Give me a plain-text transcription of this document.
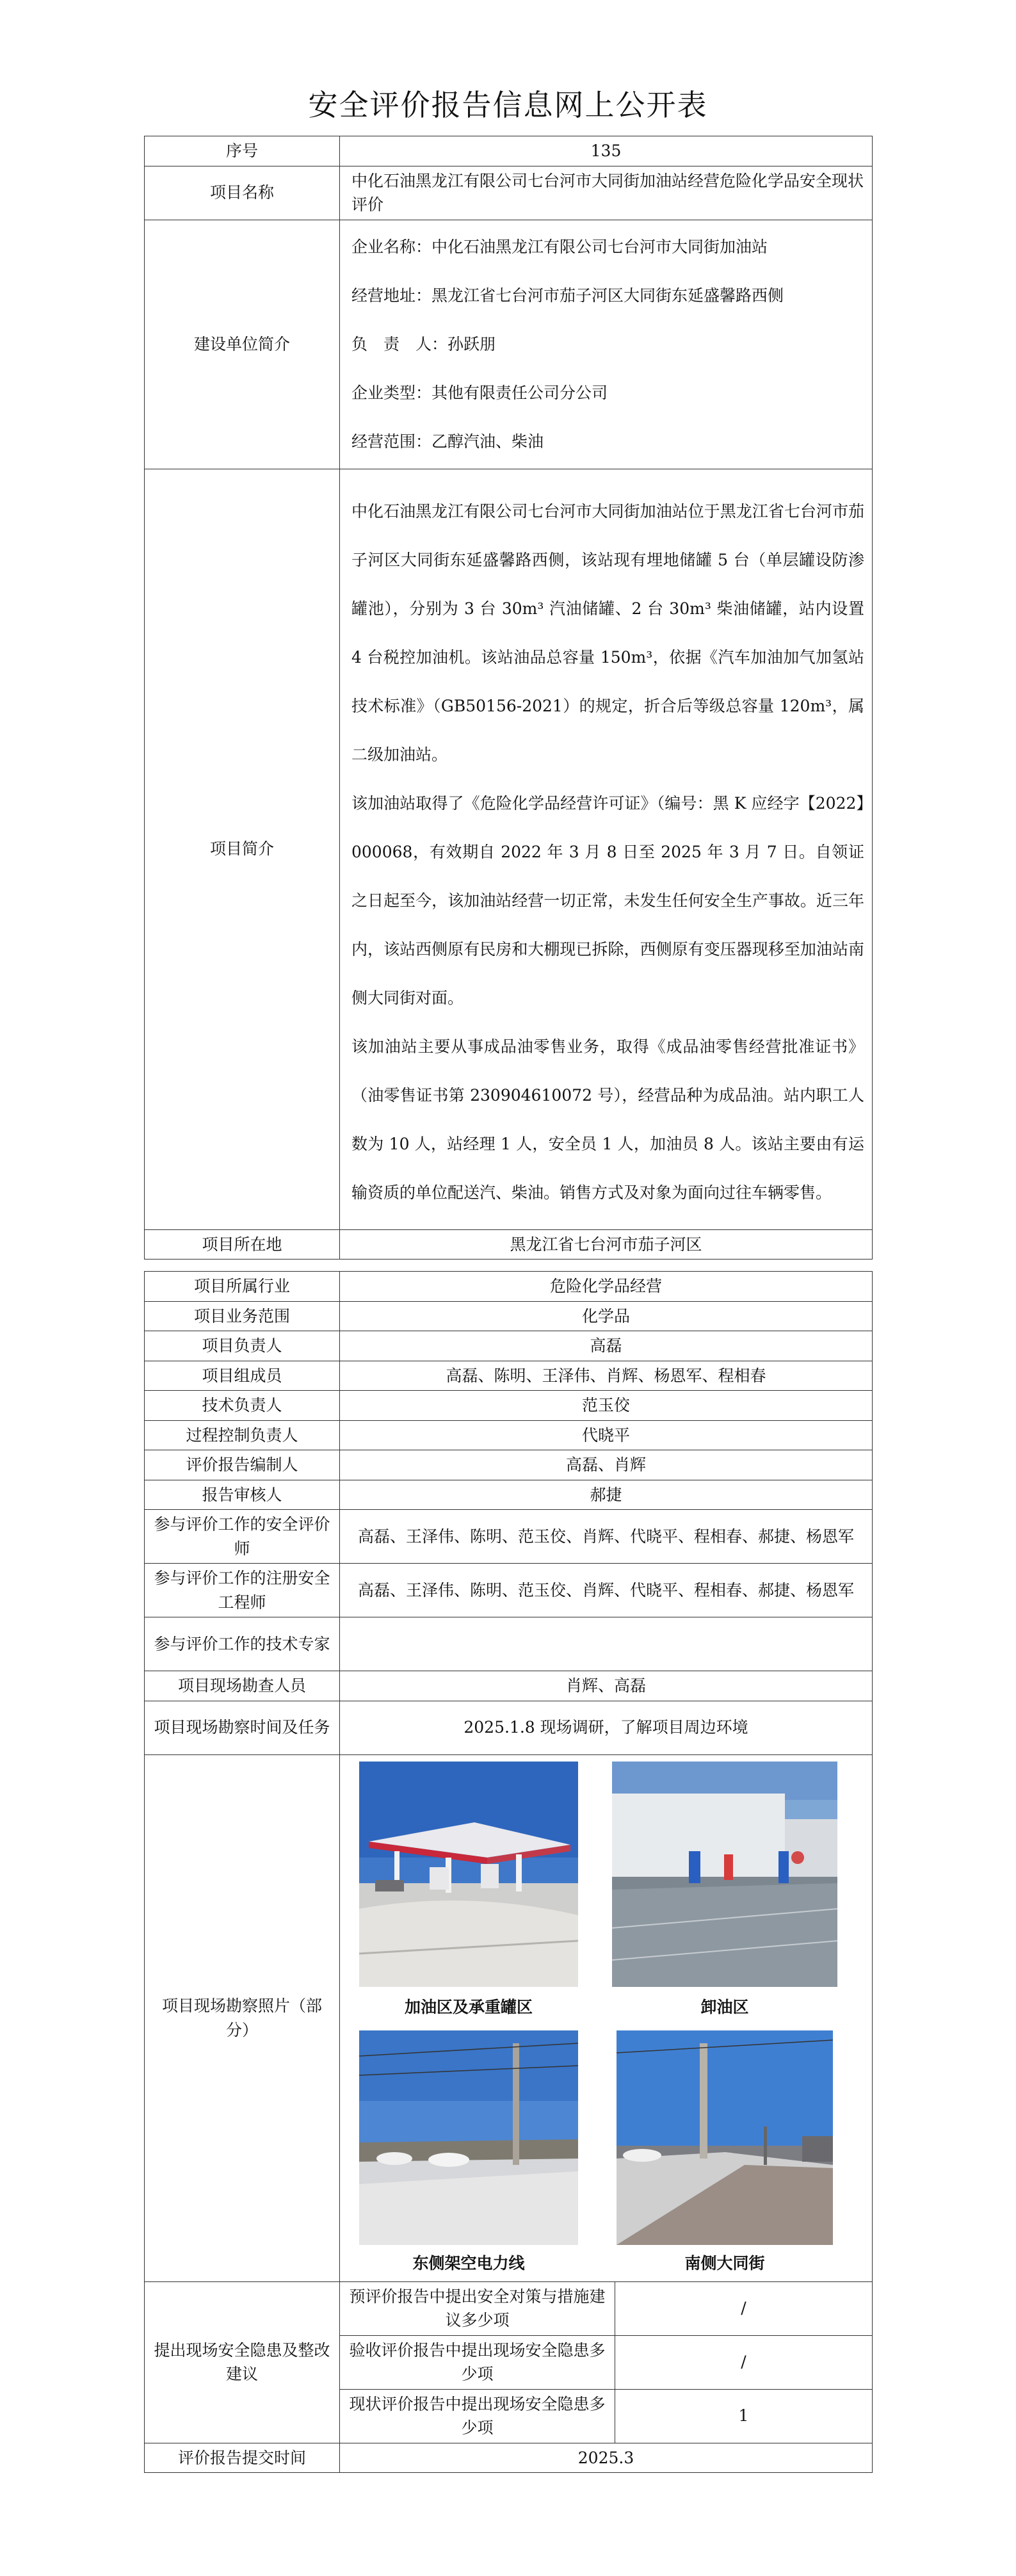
安全评价报告信息网上公开表
序号	135
项目名称	中化石油黑龙江有限公司七台河市大同街加油站经营危险化学品安全现状评价
建设单位简介	企业名称：中化石油黑龙江有限公司七台河市大同街加油站

经营地址：黑龙江省七台河市茄子河区大同街东延盛馨路西侧

负　责　人：孙跃朋

企业类型：其他有限责任公司分公司

经营范围：乙醇汽油、柴油

项目简介	中化石油黑龙江有限公司七台河市大同街加油站位于黑龙江省七台河市茄子河区大同街东延盛馨路西侧，该站现有埋地储罐 5 台（单层罐设防渗罐池），分别为 3 台 30m³ 汽油储罐、2 台 30m³ 柴油储罐，站内设置 4 台税控加油机。该站油品总容量 150m³，依据《汽车加油加气加氢站技术标准》（GB50156-2021）的规定，折合后等级总容量 120m³，属二级加油站。

该加油站取得了《危险化学品经营许可证》（编号：黑 K 应经字【2022】000068，有效期自 2022 年 3 月 8 日至 2025 年 3 月 7 日。自领证之日起至今，该加油站经营一切正常，未发生任何安全生产事故。近三年内，该站西侧原有民房和大棚现已拆除，西侧原有变压器现移至加油站南侧大同街对面。

该加油站主要从事成品油零售业务，取得《成品油零售经营批准证书》（油零售证书第 230904610072 号），经营品种为成品油。站内职工人数为 10 人，站经理 1 人，安全员 1 人，加油员 8 人。该站主要由有运输资质的单位配送汽、柴油。销售方式及对象为面向过往车辆零售。

项目所在地	黑龙江省七台河市茄子河区
项目所属行业	危险化学品经营	
项目业务范围	化学品	
项目负责人	高磊	
项目组成员	高磊、陈明、王泽伟、肖辉、杨恩军、程相春	
技术负责人	范玉佼	
过程控制负责人	代晓平	
评价报告编制人	高磊、肖辉	
报告审核人	郝捷	
参与评价工作的安全评价师	高磊、王泽伟、陈明、范玉佼、肖辉、代晓平、程相春、郝捷、杨恩军	
参与评价工作的注册安全工程师	高磊、王泽伟、陈明、范玉佼、肖辉、代晓平、程相春、郝捷、杨恩军	
参与评价工作的技术专家		
项目现场勘查人员	肖辉、高磊	
项目现场勘察时间及任务	2025.1.8 现场调研，了解项目周边环境	
项目现场勘察照片（部分）	加油区及承重罐区 卸油区
东侧架空电力线 南侧大同街	

提出现场安全隐患及整改建议	预评价报告中提出安全对策与措施建议多少项	/
	验收评价报告中提出现场安全隐患多少项	/
	现状评价报告中提出现场安全隐患多少项	1
评价报告提交时间	2025.3	
